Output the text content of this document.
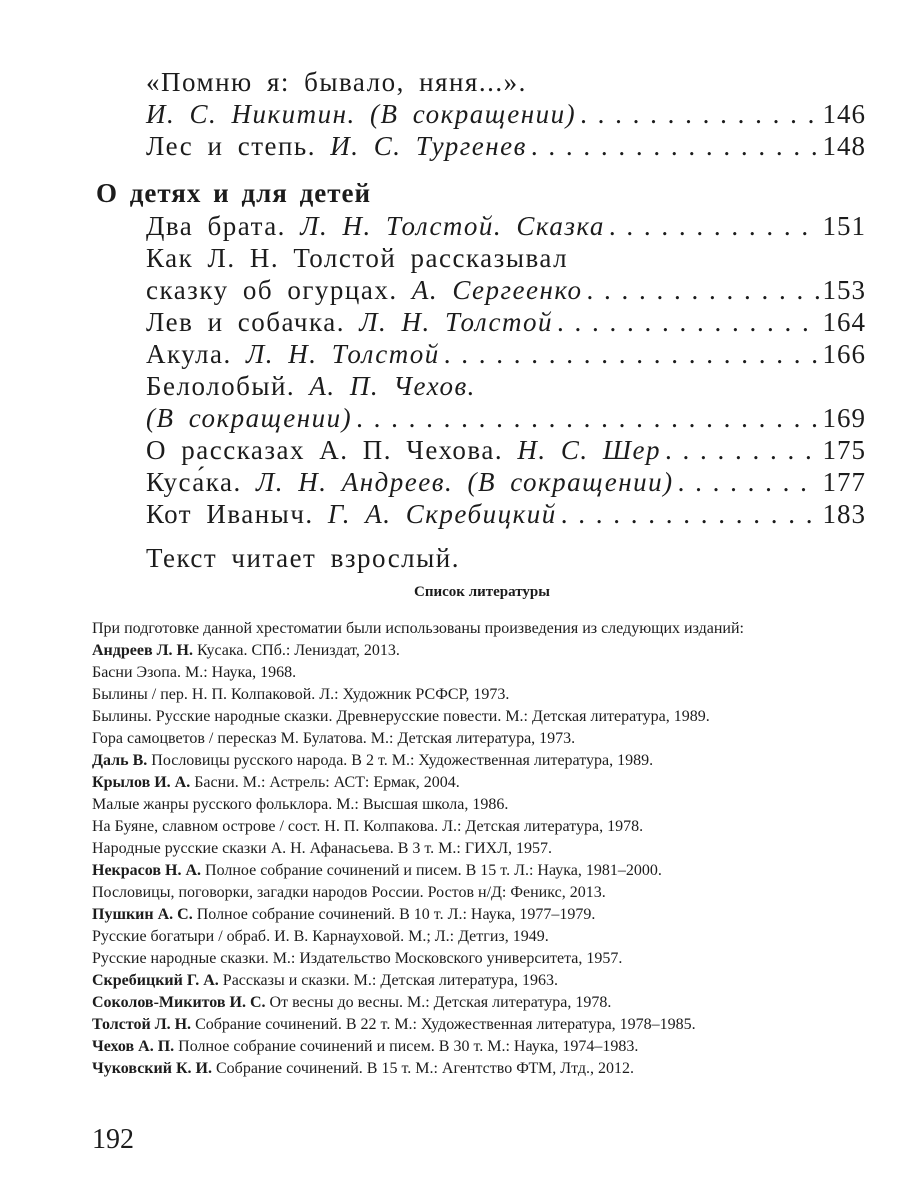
«Помню я: бывало, няня...».
И. С. Никитин. (В сокращении) . . .	146
Лес и степь. И. С. Тургенев . . .	148
О детях и для детей
Два брата. Л. Н. Толстой. Сказка . . .	151
Как Л. Н. Толстой рассказывал
сказку об огурцах. А. Сергеенко . . .	153
Лев и собачка. Л. Н. Толстой . . .	164
Акула. Л. Н. Толстой . . .	166
Белолобый. А. П. Чехов.
(В сокращении) . . .	169
О рассказах А. П. Чехова. Н. С. Шер . . .	175
Куса́ка. Л. Н. Андреев. (В сокращении) . . .	177
Кот Иваныч. Г. А. Скребицкий . . .	183
Текст читает взрослый.
Список литературы

При подготовке данной хрестоматии были использованы произведения из следующих изданий:

Андреев Л. Н. Кусака. СПб.: Лениздат, 2013.

Басни Эзопа. М.: Наука, 1968.

Былины / пер. Н. П. Колпаковой. Л.: Художник РСФСР, 1973.

Былины. Русские народные сказки. Древнерусские повести. М.: Детская литература, 1989.

Гора самоцветов / пересказ М. Булатова. М.: Детская литература, 1973.

Даль В. Пословицы русского народа. В 2 т. М.: Художественная литература, 1989.

Крылов И. А. Басни. М.: Астрель: АСТ: Ермак, 2004.

Малые жанры русского фольклора. М.: Высшая школа, 1986.

На Буяне, славном острове / сост. Н. П. Колпакова. Л.: Детская литература, 1978.

Народные русские сказки А. Н. Афанасьева. В 3 т. М.: ГИХЛ, 1957.

Некрасов Н. А. Полное собрание сочинений и писем. В 15 т. Л.: Наука, 1981–2000.

Пословицы, поговорки, загадки народов России. Ростов н/Д: Феникс, 2013.

Пушкин А. С. Полное собрание сочинений. В 10 т. Л.: Наука, 1977–1979.

Русские богатыри / обраб. И. В. Карнауховой. М.; Л.: Детгиз, 1949.

Русские народные сказки. М.: Издательство Московского университета, 1957.

Скребицкий Г. А. Рассказы и сказки. М.: Детская литература, 1963.

Соколов-Микитов И. С. От весны до весны. М.: Детская литература, 1978.

Толстой Л. Н. Собрание сочинений. В 22 т. М.: Художественная литература, 1978–1985.

Чехов А. П. Полное собрание сочинений и писем. В 30 т. М.: Наука, 1974–1983.

Чуковский К. И. Собрание сочинений. В 15 т. М.: Агентство ФТМ, Лтд., 2012.

192
